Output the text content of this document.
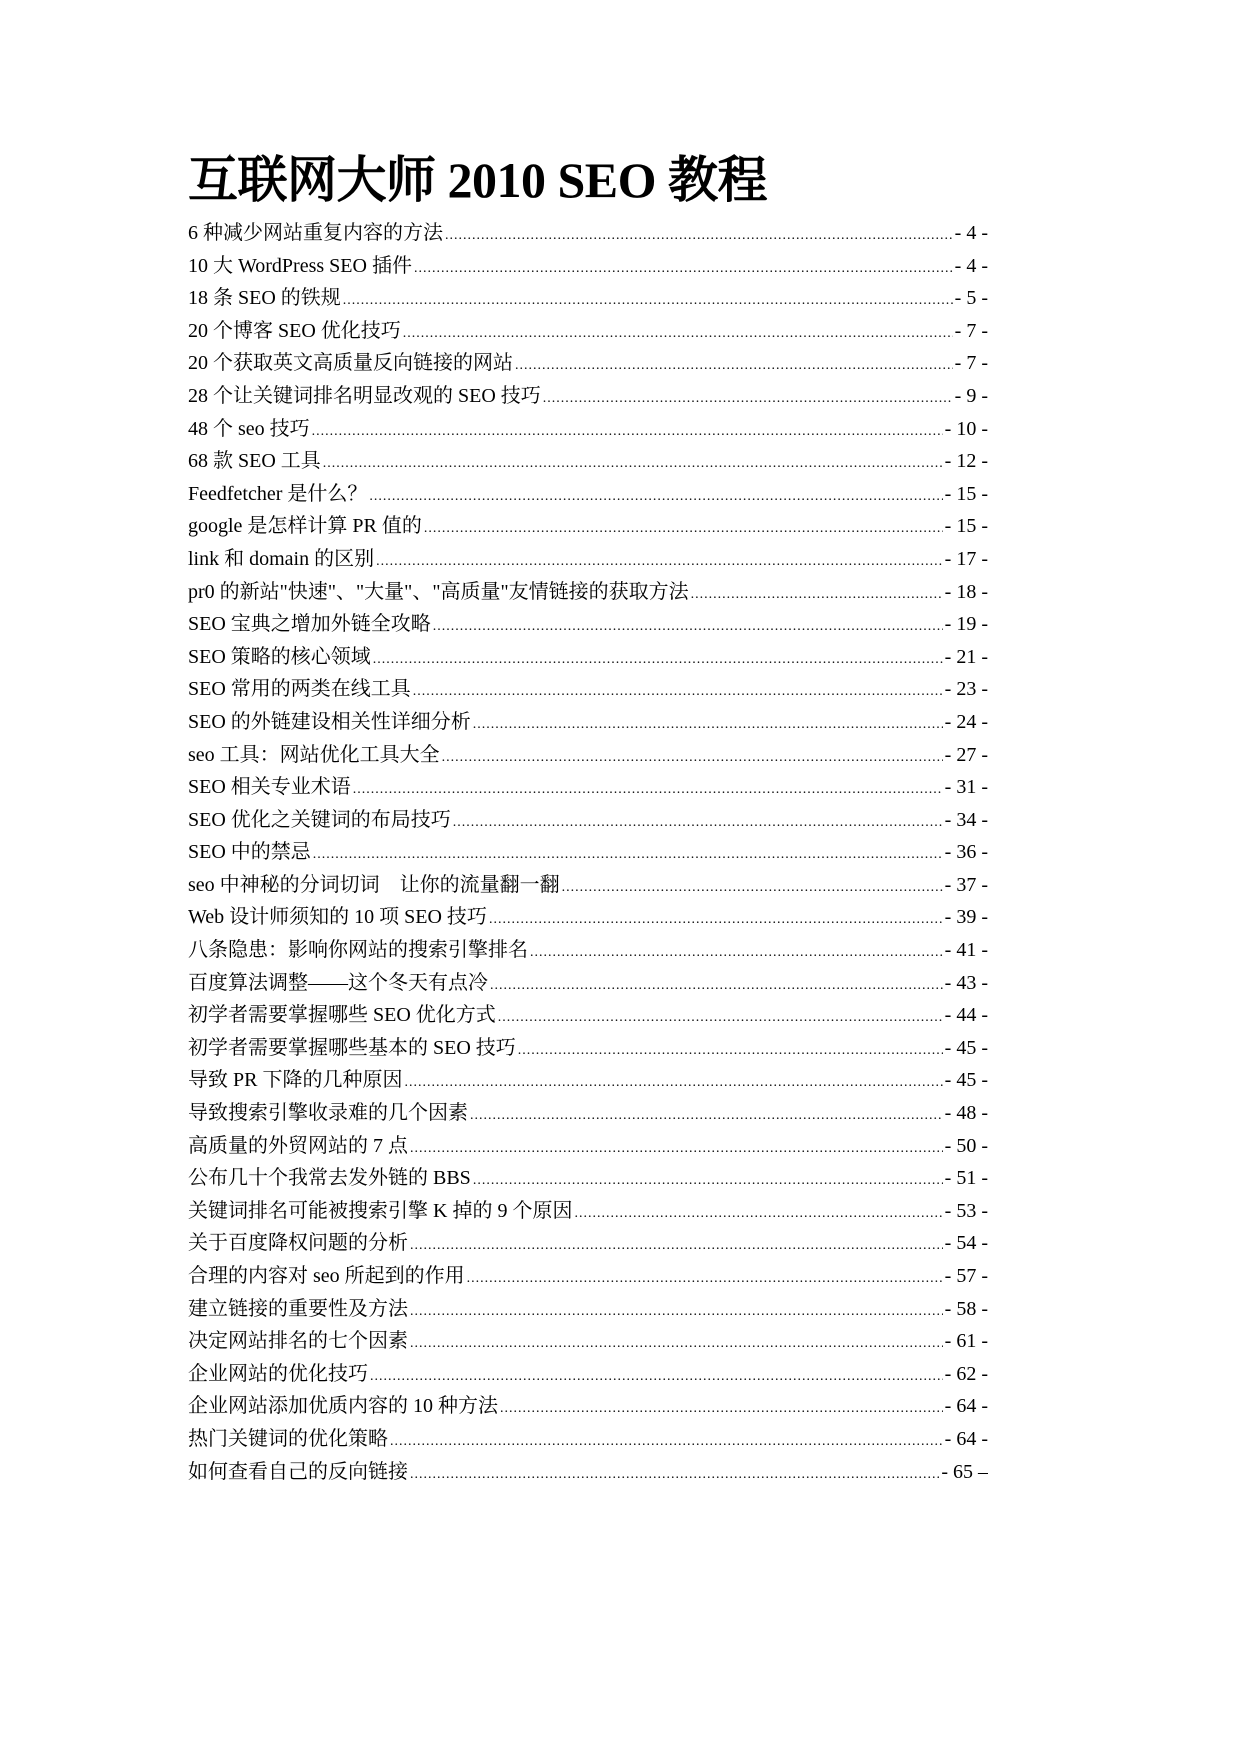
互联网大师 2010 SEO 教程
6 种减少网站重复内容的方法 .....	- 4 -
10 大 WordPress SEO 插件 .....	- 4 -
18 条 SEO 的铁规 .....	- 5 -
20 个博客 SEO 优化技巧 .....	- 7 -
20 个获取英文高质量反向链接的网站 .....	- 7 -
28 个让关键词排名明显改观的 SEO 技巧 .....	- 9 -
48 个 seo 技巧 .....	- 10 -
68 款 SEO 工具 .....	- 12 -
Feedfetcher 是什么？ .....	- 15 -
google 是怎样计算 PR 值的 .....	- 15 -
link 和 domain 的区别 .....	- 17 -
pr0 的新站"快速"、"大量"、"高质量"友情链接的获取方法 .....	- 18 -
SEO 宝典之增加外链全攻略 .....	- 19 -
SEO 策略的核心领域 .....	- 21 -
SEO 常用的两类在线工具 .....	- 23 -
SEO 的外链建设相关性详细分析 .....	- 24 -
seo 工具：网站优化工具大全 .....	- 27 -
SEO 相关专业术语 .....	- 31 -
SEO 优化之关键词的布局技巧 .....	- 34 -
SEO 中的禁忌 .....	- 36 -
seo 中神秘的分词切词　让你的流量翻一翻 .....	- 37 -
Web 设计师须知的 10 项 SEO 技巧 .....	- 39 -
八条隐患：影响你网站的搜索引擎排名 .....	- 41 -
百度算法调整——这个冬天有点冷 .....	- 43 -
初学者需要掌握哪些 SEO 优化方式 .....	- 44 -
初学者需要掌握哪些基本的 SEO 技巧 .....	- 45 -
导致 PR 下降的几种原因 .....	- 45 -
导致搜索引擎收录难的几个因素 .....	- 48 -
高质量的外贸网站的 7 点 .....	- 50 -
公布几十个我常去发外链的 BBS .....	- 51 -
关键词排名可能被搜索引擎 K 掉的 9 个原因 .....	- 53 -
关于百度降权问题的分析 .....	- 54 -
合理的内容对 seo 所起到的作用 .....	- 57 -
建立链接的重要性及方法 .....	- 58 -
决定网站排名的七个因素 .....	- 61 -
企业网站的优化技巧 .....	- 62 -
企业网站添加优质内容的 10 种方法 .....	- 64 -
热门关键词的优化策略 .....	- 64 -
如何查看自己的反向链接 .....	- 65 –
